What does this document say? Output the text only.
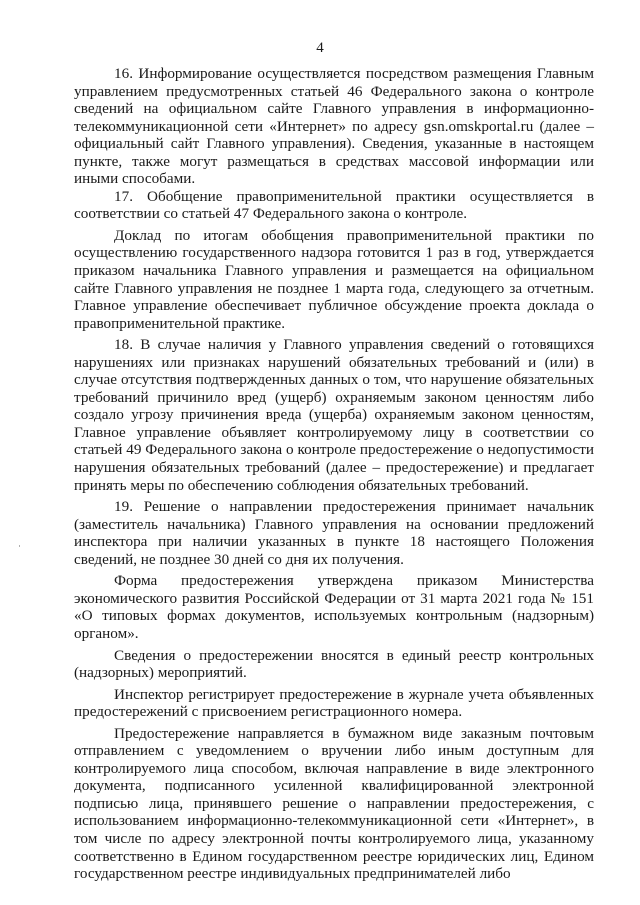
4

16. Информирование осуществляется посредством размещения Главным управлением предусмотренных статьей 46 Федерального закона о контроле сведений на официальном сайте Главного управления в информационно-телекоммуникационной сети «Интернет» по адресу gsn.omskportal.ru (далее – официальный сайт Главного управления). Сведения, указанные в настоящем пункте, также могут размещаться в средствах массовой информации или иными способами.

17. Обобщение правоприменительной практики осуществляется в соответствии со статьей 47 Федерального закона о контроле.

Доклад по итогам обобщения правоприменительной практики по осуществлению государственного надзора готовится 1 раз в год, утверждается приказом начальника Главного управления и размещается на официальном сайте Главного управления не позднее 1 марта года, следующего за отчетным. Главное управление обеспечивает публичное обсуждение проекта доклада о правоприменительной практике.

18. В случае наличия у Главного управления сведений о готовящихся нарушениях или признаках нарушений обязательных требований и (или) в случае отсутствия подтвержденных данных о том, что нарушение обязательных требований причинило вред (ущерб) охраняемым законом ценностям либо создало угрозу причинения вреда (ущерба) охраняемым законом ценностям, Главное управление объявляет контролируемому лицу в соответствии со статьей 49 Федерального закона о контроле предостережение о недопустимости нарушения обязательных требований (далее – предостережение) и предлагает принять меры по обеспечению соблюдения обязательных требований.

19. Решение о направлении предостережения принимает начальник (заместитель начальника) Главного управления на основании предложений инспектора при наличии указанных в пункте 18 настоящего Положения сведений, не позднее 30 дней со дня их получения.

Форма предостережения утверждена приказом Министерства экономического развития Российской Федерации от 31 марта 2021 года № 151 «О типовых формах документов, используемых контрольным (надзорным) органом».

Сведения о предостережении вносятся в единый реестр контрольных (надзорных) мероприятий.

Инспектор регистрирует предостережение в журнале учета объявленных предостережений с присвоением регистрационного номера.

Предостережение направляется в бумажном виде заказным почтовым отправлением с уведомлением о вручении либо иным доступным для контролируемого лица способом, включая направление в виде электронного документа, подписанного усиленной квалифицированной электронной подписью лица, принявшего решение о направлении предостережения, с использованием информационно-телекоммуникационной сети «Интернет», в том числе по адресу электронной почты контролируемого лица, указанному соответственно в Едином государственном реестре юридических лиц, Едином государственном реестре индивидуальных предпринимателей либо
